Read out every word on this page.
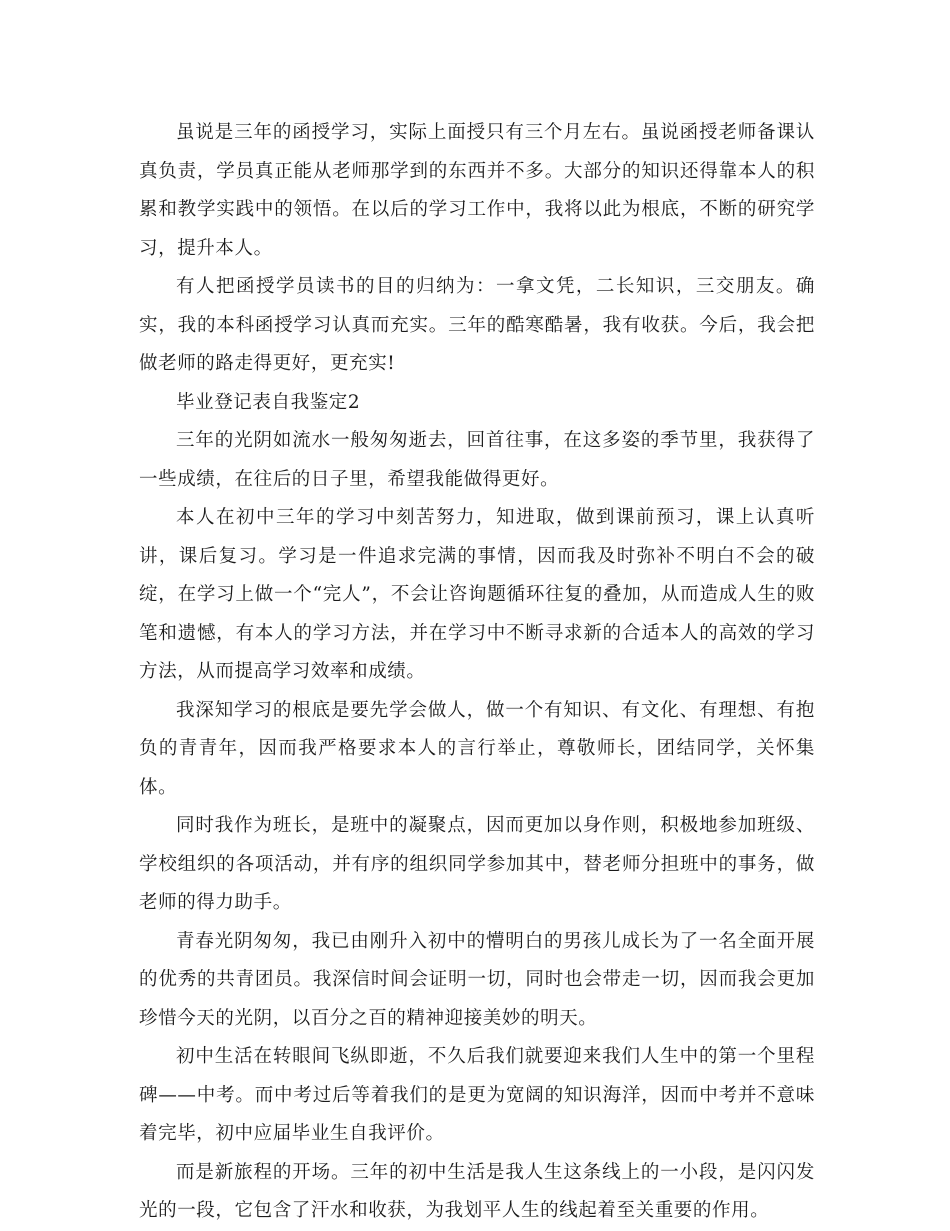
虽说是三年的函授学习，实际上面授只有三个月左右。虽说函授老师备课认真负责，学员真正能从老师那学到的东西并不多。大部分的知识还得靠本人的积累和教学实践中的领悟。在以后的学习工作中，我将以此为根底，不断的研究学习，提升本人。

有人把函授学员读书的目的归纳为：一拿文凭，二长知识，三交朋友。确实，我的本科函授学习认真而充实。三年的酷寒酷暑，我有收获。今后，我会把做老师的路走得更好，更充实!

毕业登记表自我鉴定2

三年的光阴如流水一般匆匆逝去，回首往事，在这多姿的季节里，我获得了一些成绩，在往后的日子里，希望我能做得更好。

本人在初中三年的学习中刻苦努力，知进取，做到课前预习，课上认真听讲，课后复习。学习是一件追求完满的事情，因而我及时弥补不明白不会的破绽，在学习上做一个“完人”，不会让咨询题循环往复的叠加，从而造成人生的败笔和遗憾，有本人的学习方法，并在学习中不断寻求新的合适本人的高效的学习方法，从而提高学习效率和成绩。

我深知学习的根底是要先学会做人，做一个有知识、有文化、有理想、有抱负的青青年，因而我严格要求本人的言行举止，尊敬师长，团结同学，关怀集体。

同时我作为班长，是班中的凝聚点，因而更加以身作则，积极地参加班级、学校组织的各项活动，并有序的组织同学参加其中，替老师分担班中的事务，做老师的得力助手。

青春光阴匆匆，我已由刚升入初中的懵明白的男孩儿成长为了一名全面开展的优秀的共青团员。我深信时间会证明一切，同时也会带走一切，因而我会更加珍惜今天的光阴，以百分之百的精神迎接美妙的明天。

初中生活在转眼间飞纵即逝，不久后我们就要迎来我们人生中的第一个里程碑——中考。而中考过后等着我们的是更为宽阔的知识海洋，因而中考并不意味着完毕，初中应届毕业生自我评价。

而是新旅程的开场。三年的初中生活是我人生这条线上的一小段，是闪闪发光的一段，它包含了汗水和收获，为我划平人生的线起着至关重要的作用。
